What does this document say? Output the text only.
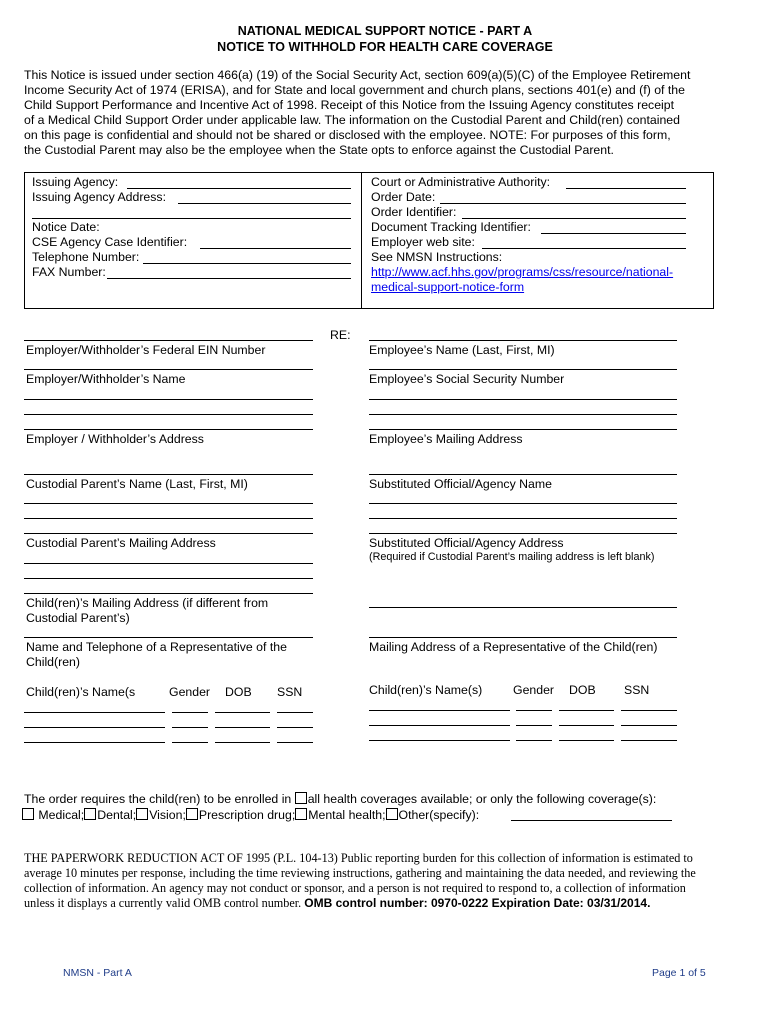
NATIONAL MEDICAL SUPPORT NOTICE - PART A
NOTICE TO WITHHOLD FOR HEALTH CARE COVERAGE
This Notice is issued under section 466(a) (19) of the Social Security Act, section 609(a)(5)(C) of the Employee Retirement
Income Security Act of 1974 (ERISA), and for State and local government and church plans, sections 401(e) and (f) of the
Child Support Performance and Incentive Act of 1998. Receipt of this Notice from the Issuing Agency constitutes receipt
of a Medical Child Support Order under applicable law. The information on the Custodial Parent and Child(ren) contained
on this page is confidential and should not be shared or disclosed with the employee. NOTE: For purposes of this form,
the Custodial Parent may also be the employee when the State opts to enforce against the Custodial Parent.
Issuing Agency:
Issuing Agency Address:
Notice Date:
CSE Agency Case Identifier:
Telephone Number:
FAX Number:
Court or Administrative Authority:
Order Date:
Order Identifier:
Document Tracking Identifier:
Employer web site:
See NMSN Instructions:
http://www.acf.hhs.gov/programs/css/resource/national-
medical-support-notice-form
RE:
Employer/Withholder’s Federal EIN Number
Employer/Withholder’s Name
Employer / Withholder’s Address
Custodial Parent’s Name (Last, First, MI)
Custodial Parent’s Mailing Address
Child(ren)’s Mailing Address (if different from
Custodial Parent’s)
Name and Telephone of a Representative of the
Child(ren)
Employee’s Name (Last, First, MI)
Employee’s Social Security Number
Employee’s Mailing Address
Substituted Official/Agency Name
Substituted Official/Agency Address
(Required if Custodial Parent’s mailing address is left blank)
Mailing Address of a Representative of the Child(ren)
Child(ren)’s Name(s	Gender DOB SSN	Child(ren)’s Name(s)	Gender DOB SSN
The order requires the child(ren) to be enrolled in all health coverages available; or only the following coverage(s):
Medical; Dental; Vision; Prescription drug; Mental health; Other(specify):
THE PAPERWORK REDUCTION ACT OF 1995 (P.L. 104-13) Public reporting burden for this collection of information is estimated to
average 10 minutes per response, including the time reviewing instructions, gathering and maintaining the data needed, and reviewing the
collection of information. An agency may not conduct or sponsor, and a person is not required to respond to, a collection of information
unless it displays a currently valid OMB control number. OMB control number: 0970-0222 Expiration Date: 03/31/2014.
NMSN - Part A	Page 1 of 5
